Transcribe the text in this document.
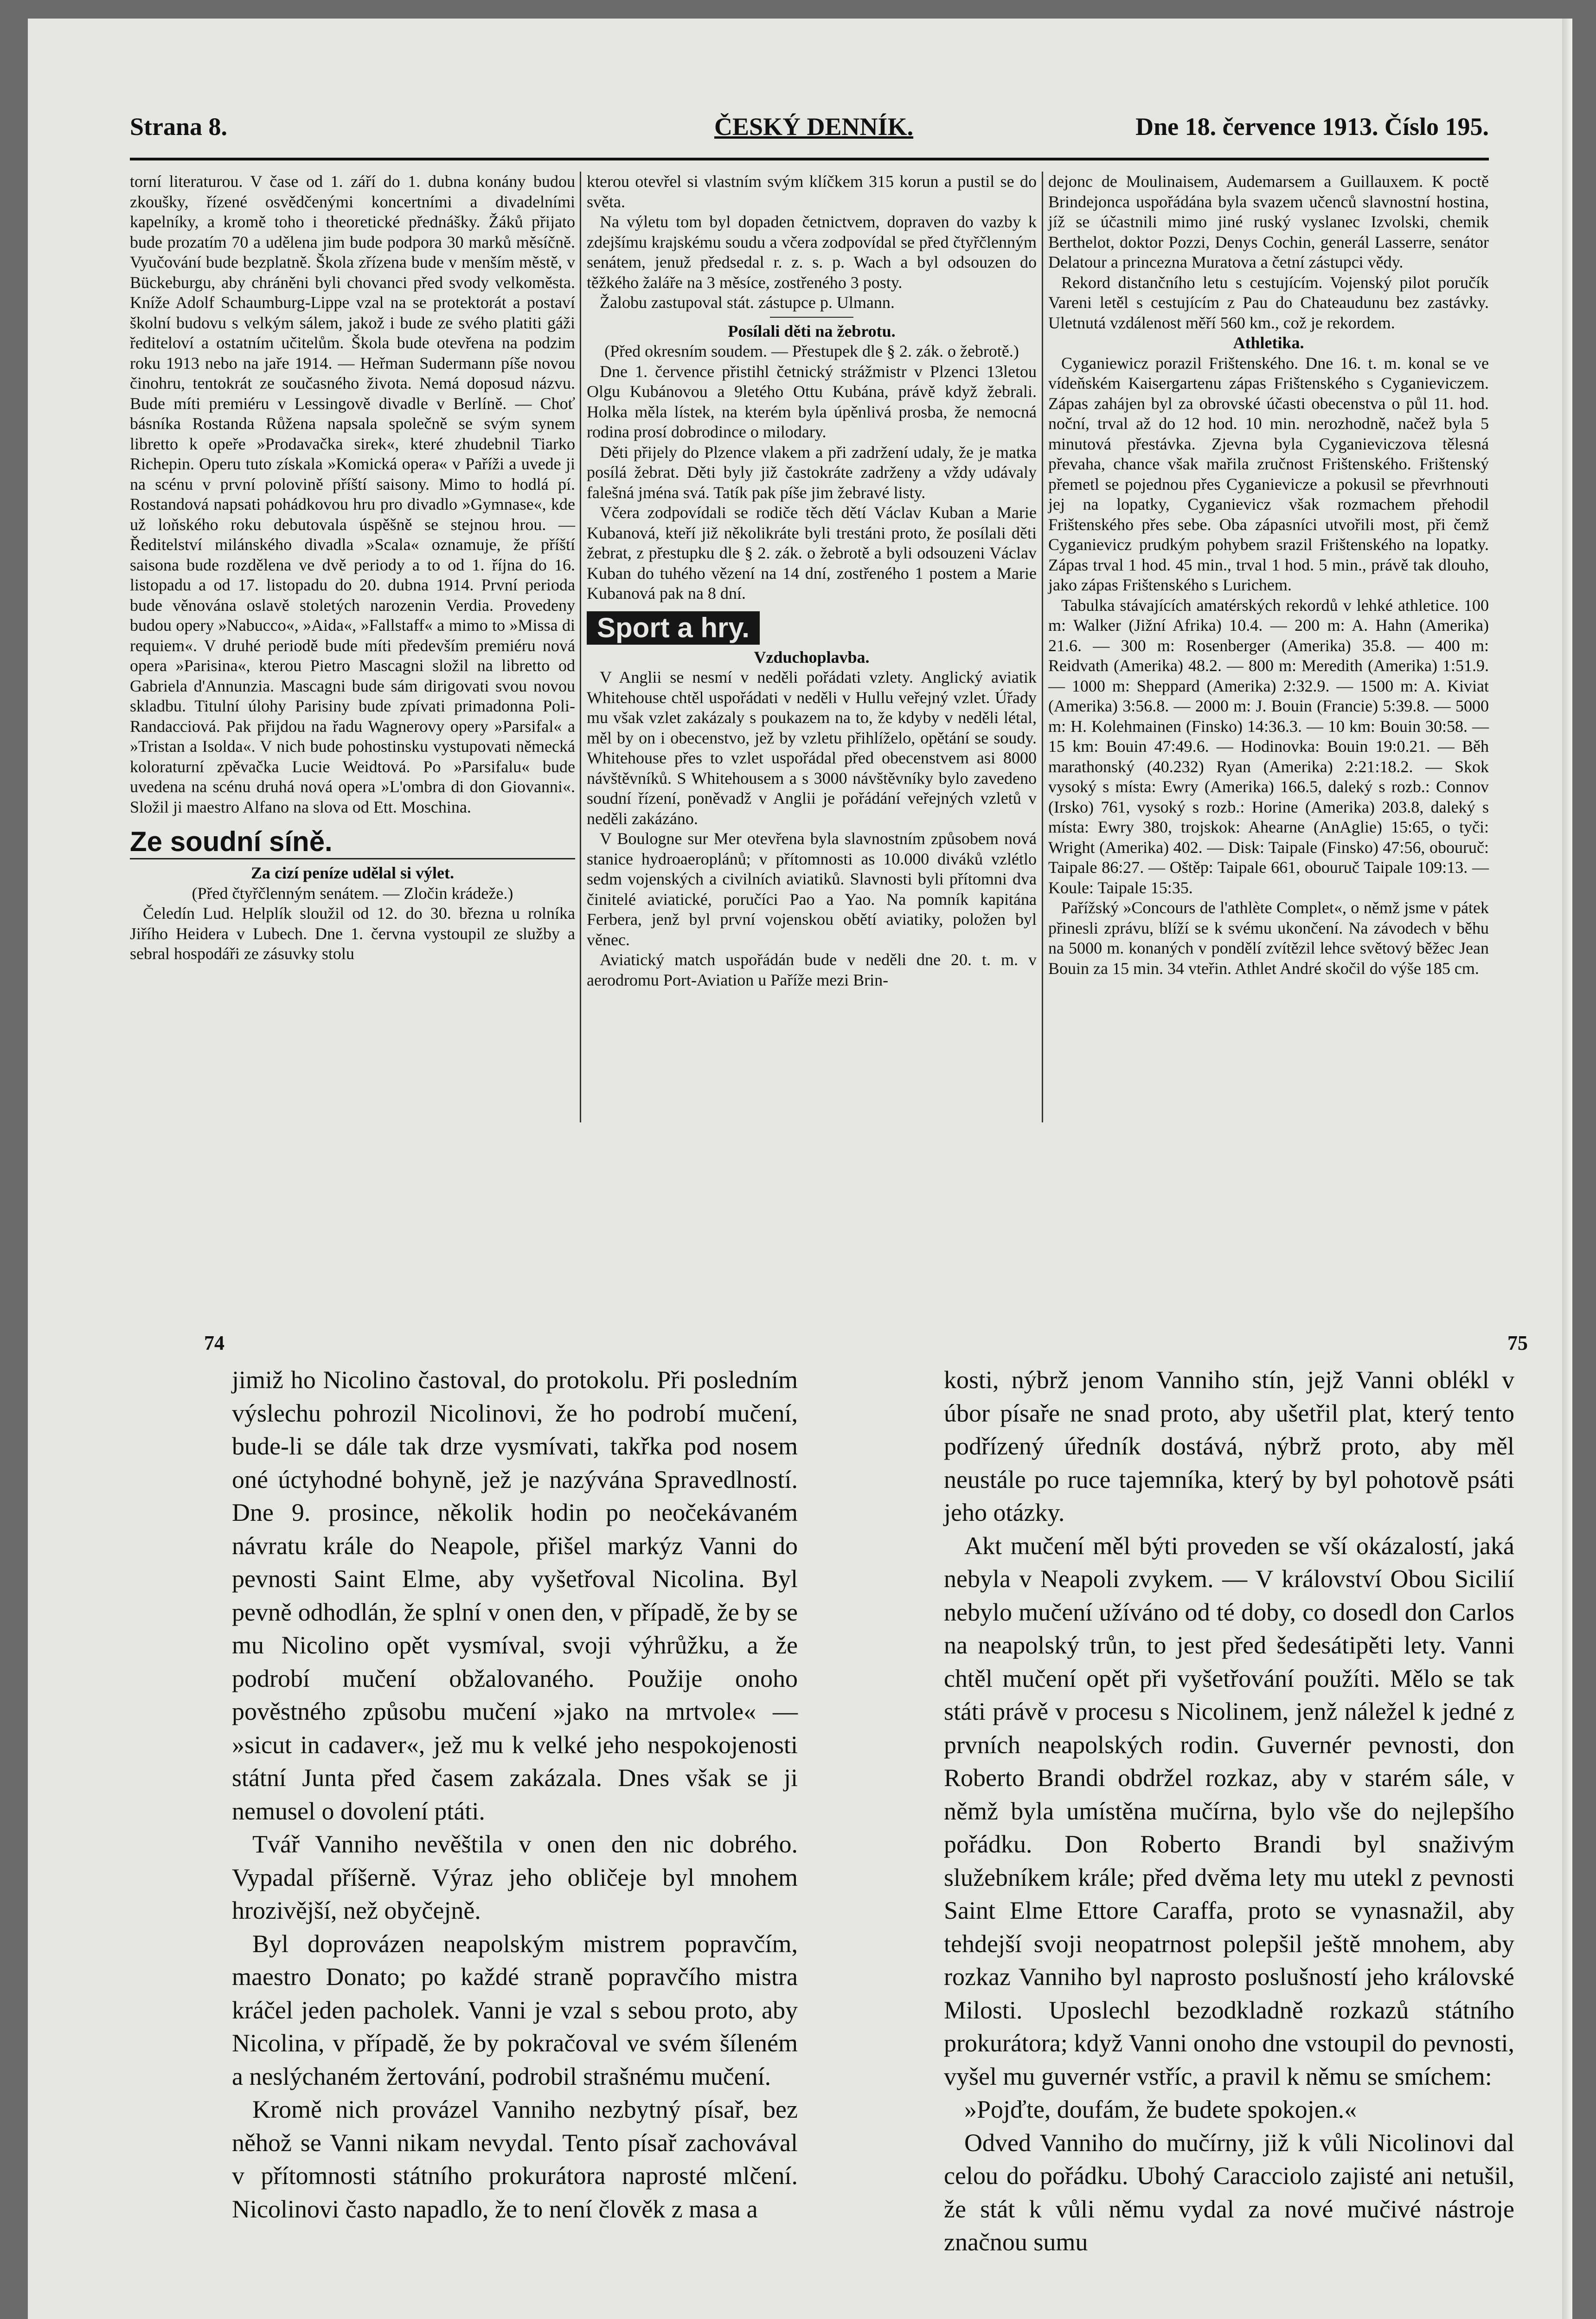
Strana 8.	ČESKÝ DENNÍK.	Dne 18. července 1913. Číslo 195.

torní literaturou. V čase od 1. září do 1. dubna konány budou zkoušky, řízené osvědčenými koncertními a divadelními kapelníky, a kromě toho i theoretické přednášky. Žáků přijato bude prozatím 70 a udělena jim bude podpora 30 marků měsíčně. Vyučování bude bezplatně. Škola zřízena bude v menším městě, v Bückeburgu, aby chráněni byli chovanci před svody velkoměsta. Kníže Adolf Schaumburg-Lippe vzal na se protektorát a postaví školní budovu s velkým sálem, jakož i bude ze svého platiti gáži řediteloví a ostatním učitelům. Škola bude otevřena na podzim roku 1913 nebo na jaře 1914. — Heřman Sudermann píše novou činohru, tentokrát ze současného života. Nemá doposud názvu. Bude míti premiéru v Lessingově divadle v Berlíně. — Choť básníka Rostanda Růžena napsala společně se svým synem libretto k opeře »Prodavačka sirek«, které zhudebnil Tiarko Richepin. Operu tuto získala »Komická opera« v Paříži a uvede ji na scénu v první polovině příští saisony. Mimo to hodlá pí. Rostandová napsati pohádkovou hru pro divadlo »Gymnase«, kde už loňského roku debutovala úspěšně se stejnou hrou. — Ředitelství milánského divadla »Scala« oznamuje, že příští saisona bude rozdělena ve dvě periody a to od 1. října do 16. listopadu a od 17. listopadu do 20. dubna 1914. První perioda bude věnována oslavě stoletých narozenin Verdia. Provedeny budou opery »Nabucco«, »Aida«, »Fallstaff« a mimo to »Missa di requiem«. V druhé periodě bude míti především premiéru nová opera »Parisina«, kterou Pietro Mascagni složil na libretto od Gabriela d'Annunzia. Mascagni bude sám dirigovati svou novou skladbu. Titulní úlohy Parisiny bude zpívati primadonna Poli-Randacciová. Pak přijdou na řadu Wagnerovy opery »Parsifal« a »Tristan a Isolda«. V nich bude pohostinsku vystupovati německá koloraturní zpěvačka Lucie Weidtová. Po »Parsifalu« bude uvedena na scénu druhá nová opera »L'ombra di don Giovanni«. Složil ji maestro Alfano na slova od Ett. Moschina.

Ze soudní síně.

Za cizí peníze udělal si výlet.

(Před čtyřčlenným senátem. — Zločin krádeže.)

Čeledín Lud. Helplík sloužil od 12. do 30. března u rolníka Jiřího Heidera v Lubech. Dne 1. června vystoupil ze služby a sebral hospodáři ze zásuvky stolu

kterou otevřel si vlastním svým klíčkem 315 korun a pustil se do světa.

Na výletu tom byl dopaden četnictvem, dopraven do vazby k zdejšímu krajskému soudu a včera zodpovídal se před čtyřčlenným senátem, jenuž předsedal r. z. s. p. Wach a byl odsouzen do těžkého žaláře na 3 měsíce, zostřeného 3 posty.

Žalobu zastupoval stát. zástupce p. Ulmann.

Posílali děti na žebrotu.

(Před okresním soudem. — Přestupek dle § 2. zák. o žebrotě.)

Dne 1. července přistihl četnický strážmistr v Plzenci 13letou Olgu Kubánovou a 9letého Ottu Kubána, právě když žebrali. Holka měla lístek, na kterém byla úpěnlivá prosba, že nemocná rodina prosí dobrodince o milodary.

Děti přijely do Plzence vlakem a při zadržení udaly, že je matka posílá žebrat. Děti byly již častokráte zadrženy a vždy udávaly falešná jména svá. Tatík pak píše jim žebravé listy.

Včera zodpovídali se rodiče těch dětí Václav Kuban a Marie Kubanová, kteří již několikráte byli trestáni proto, že posílali děti žebrat, z přestupku dle § 2. zák. o žebrotě a byli odsouzeni Václav Kuban do tuhého vězení na 14 dní, zostřeného 1 postem a Marie Kubanová pak na 8 dní.

Sport a hry.

Vzduchoplavba.

V Anglii se nesmí v neděli pořádati vzlety. Anglický aviatik Whitehouse chtěl uspořádati v neděli v Hullu veřejný vzlet. Úřady mu však vzlet zakázaly s poukazem na to, že kdyby v neděli létal, měl by on i obecenstvo, jež by vzletu přihlíželo, opětání se soudy. Whitehouse přes to vzlet uspořádal před obecenstvem asi 8000 návštěvníků. S Whitehousem a s 3000 návštěvníky bylo zavedeno soudní řízení, poněvadž v Anglii je pořádání veřejných vzletů v neděli zakázáno.

V Boulogne sur Mer otevřena byla slavnostním způsobem nová stanice hydroaeroplánů; v přítomnosti as 10.000 diváků vzlétlo sedm vojenských a civilních aviatiků. Slavnosti byli přítomni dva činitelé aviatické, poručíci Pao a Yao. Na pomník kapitána Ferbera, jenž byl první vojenskou obětí aviatiky, položen byl věnec.

Aviatický match uspořádán bude v neděli dne 20. t. m. v aerodromu Port-Aviation u Paříže mezi Brin-

dejonc de Moulinaisem, Audemarsem a Guillauxem. K poctě Brindejonca uspořádána byla svazem učenců slavnostní hostina, jíž se účastnili mimo jiné ruský vyslanec Izvolski, chemik Berthelot, doktor Pozzi, Denys Cochin, generál Lasserre, senátor Delatour a princezna Muratova a četní zástupci vědy.

Rekord distančního letu s cestujícím. Vojenský pilot poručík Vareni letěl s cestujícím z Pau do Chateaudunu bez zastávky. Uletnutá vzdálenost měří 560 km., což je rekordem.

Athletika.

Cyganiewicz porazil Frištenského. Dne 16. t. m. konal se ve vídeňském Kaisergartenu zápas Frištenského s Cyganieviczem. Zápas zahájen byl za obrovské účasti obecenstva o půl 11. hod. noční, trval až do 12 hod. 10 min. nerozhodně, načež byla 5 minutová přestávka. Zjevna byla Cyganieviczova tělesná převaha, chance však mařila zručnost Frištenského. Frištenský přemetl se pojednou přes Cyganievicze a pokusil se převrhnouti jej na lopatky, Cyganievicz však rozmachem přehodil Frištenského přes sebe. Oba zápasníci utvořili most, při čemž Cyganievicz prudkým pohybem srazil Frištenského na lopatky. Zápas trval 1 hod. 45 min., trval 1 hod. 5 min., právě tak dlouho, jako zápas Frištenského s Lurichem.

Tabulka stávajících amatérských rekordů v lehké athletice. 100 m: Walker (Jižní Afrika) 10.4. — 200 m: A. Hahn (Amerika) 21.6. — 300 m: Rosenberger (Amerika) 35.8. — 400 m: Reidvath (Amerika) 48.2. — 800 m: Meredith (Amerika) 1:51.9. — 1000 m: Sheppard (Amerika) 2:32.9. — 1500 m: A. Kiviat (Amerika) 3:56.8. — 2000 m: J. Bouin (Francie) 5:39.8. — 5000 m: H. Kolehmainen (Finsko) 14:36.3. — 10 km: Bouin 30:58. — 15 km: Bouin 47:49.6. — Hodinovka: Bouin 19:0.21. — Běh marathonský (40.232) Ryan (Amerika) 2:21:18.2. — Skok vysoký s místa: Ewry (Amerika) 166.5, daleký s rozb.: Connov (Irsko) 761, vysoký s rozb.: Horine (Amerika) 203.8, daleký s místa: Ewry 380, trojskok: Ahearne (AnAglie) 15:65, o tyči: Wright (Amerika) 402. — Disk: Taipale (Finsko) 47:56, obouruč: Taipale 86:27. — Oštěp: Taipale 661, obouruč Taipale 109:13. — Koule: Taipale 15:35.

Pařížský »Concours de l'athlète Complet«, o němž jsme v pátek přinesli zprávu, blíží se k svému ukončení. Na závodech v běhu na 5000 m. konaných v pondělí zvítězil lehce světový běžec Jean Bouin za 15 min. 34 vteřin. Athlet André skočil do výše 185 cm.

74	75

jimiž ho Nicolino častoval, do protokolu. Při posledním výslechu pohrozil Nicolinovi, že ho podrobí mučení, bude-li se dále tak drze vysmívati, takřka pod nosem oné úctyhodné bohyně, jež je nazývána Spravedlností. Dne 9. prosince, několik hodin po neočekávaném návratu krále do Neapole, přišel markýz Vanni do pevnosti Saint Elme, aby vyšetřoval Nicolina. Byl pevně odhodlán, že splní v onen den, v případě, že by se mu Nicolino opět vysmíval, svoji výhrůžku, a že podrobí mučení obžalovaného. Použije onoho pověstného způsobu mučení »jako na mrtvole« — »sicut in cadaver«, jež mu k velké jeho nespokojenosti státní Junta před časem zakázala. Dnes však se ji nemusel o dovolení ptáti.

Tvář Vanniho nevěštila v onen den nic dobrého. Vypadal příšerně. Výraz jeho obličeje byl mnohem hrozivější, než obyčejně.

Byl doprovázen neapolským mistrem popravčím, maestro Donato; po každé straně popravčího mistra kráčel jeden pacholek. Vanni je vzal s sebou proto, aby Nicolina, v případě, že by pokračoval ve svém šíleném a neslýchaném žertování, podrobil strašnému mučení.

Kromě nich provázel Vanniho nezbytný písař, bez něhož se Vanni nikam nevydal. Tento písař zachovával v přítomnosti státního prokurátora naprosté mlčení. Nicolinovi často napadlo, že to není člověk z masa a

kosti, nýbrž jenom Vanniho stín, jejž Vanni oblékl v úbor písaře ne snad proto, aby ušetřil plat, který tento podřízený úředník dostává, nýbrž proto, aby měl neustále po ruce tajemníka, který by byl pohotově psáti jeho otázky.

Akt mučení měl býti proveden se vší okázalostí, jaká nebyla v Neapoli zvykem. — V království Obou Sicilií nebylo mučení užíváno od té doby, co dosedl don Carlos na neapolský trůn, to jest před šedesátipěti lety. Vanni chtěl mučení opět při vyšetřování použíti. Mělo se tak státi právě v procesu s Nicolinem, jenž náležel k jedné z prvních neapolských rodin. Guvernér pevnosti, don Roberto Brandi obdržel rozkaz, aby v starém sále, v němž byla umístěna mučírna, bylo vše do nejlepšího pořádku. Don Roberto Brandi byl snaživým služebníkem krále; před dvěma lety mu utekl z pevnosti Saint Elme Ettore Caraffa, proto se vynasnažil, aby tehdejší svoji neopatrnost polepšil ještě mnohem, aby rozkaz Vanniho byl naprosto poslušností jeho královské Milosti. Uposlechl bezodkladně rozkazů státního prokurátora; když Vanni onoho dne vstoupil do pevnosti, vyšel mu guvernér vstříc, a pravil k němu se smíchem:

»Pojďte, doufám, že budete spokojen.«

Odved Vanniho do mučírny, již k vůli Nicolinovi dal celou do pořádku. Ubohý Caracciolo zajisté ani netušil, že stát k vůli němu vydal za nové mučivé nástroje značnou sumu
